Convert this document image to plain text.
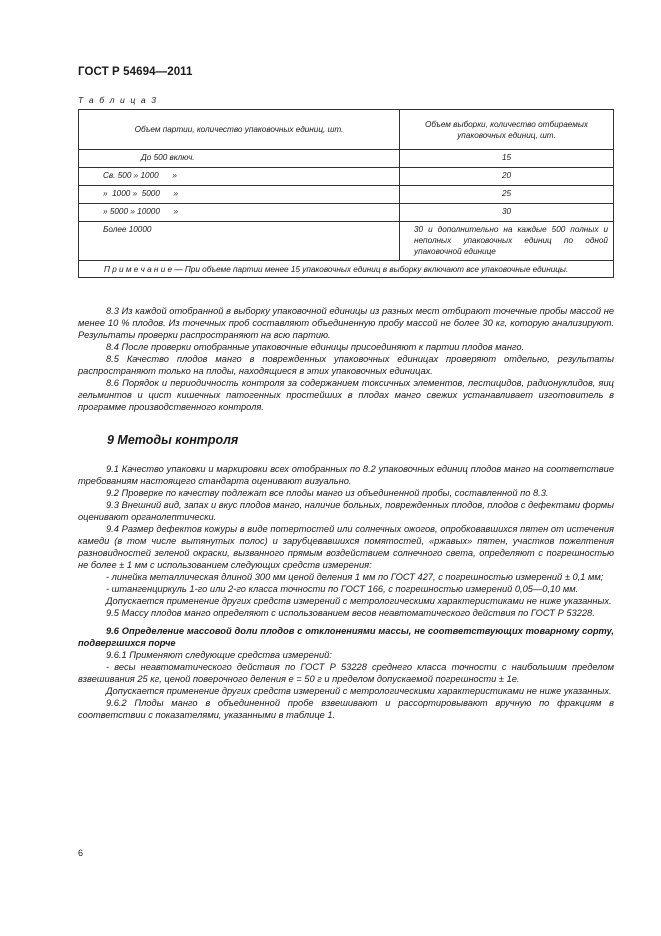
ГОСТ Р 54694—2011
Т а б л и ц а 3
Объем партии, количество упаковочных единиц, шт.	Объем выборки, количество отбираемых упаковочных единиц, шт.
До 500 включ.	15
Св. 500 » 1000      »	20
»  1000 »  5000      »	25
» 5000 » 10000      »	30
Более 10000	30 и дополнительно на каждые 500 полных и неполных упаковочных единиц по одной упаковочной единице
П р и м е ч а н и е — При объеме партии менее 15 упаковочных единиц в выборку включают все упаковочные единицы.	

8.3 Из каждой отобранной в выборку упаковочной единицы из разных мест отбирают точечные пробы массой не менее 10 % плодов. Из точечных проб составляют объединенную пробу массой не более 30 кг, которую анализируют. Результаты проверки распространяют на всю партию.

8.4 После проверки отобранные упаковочные единицы присоединяют к партии плодов манго.

8.5 Качество плодов манго в поврежденных упаковочных единицах проверяют отдельно, результаты распространяют только на плоды, находящиеся в этих упаковочных единицах.

8.6 Порядок и периодичность контроля за содержанием токсичных элементов, пестицидов, радионуклидов, яиц гельминтов и цист кишечных патогенных простейших в плодах манго свежих устанавливает изготовитель в программе производственного контроля.

9 Методы контроля

9.1 Качество упаковки и маркировки всех отобранных по 8.2 упаковочных единиц плодов манго на соответствие требованиям настоящего стандарта оценивают визуально.

9.2 Проверке по качеству подлежат все плоды манго из объединенной пробы, составленной по 8.3.

9.3 Внешний вид, запах и вкус плодов манго, наличие больных, поврежденных плодов, плодов с дефектами формы оценивают органолептически.

9.4 Размер дефектов кожуры в виде потертостей или солнечных ожогов, опробковавшихся пятен от истечения камеди (в том числе вытянутых полос) и зарубцевавшихся помятостей, «ржавых» пятен, участков пожелтения разновидностей зеленой окраски, вызванного прямым воздействием солнечного света, определяют с погрешностью не более ± 1 мм с использованием следующих средств измерения:

- линейка металлическая длиной 300 мм ценой деления 1 мм по ГОСТ 427, с погрешностью измерений ± 0,1 мм;

- штангенциркуль 1-го или 2-го класса точности по ГОСТ 166, с погрешностью измерений 0,05—0,10 мм.

Допускается применение других средств измерений с метрологическими характеристиками не ниже указанных.

9.5 Массу плодов манго определяют с использованием весов неавтоматического действия по ГОСТ Р 53228.

9.6 Определение массовой доли плодов с отклонениями массы, не соответствующих товарному сорту, подвергшихся порче

9.6.1 Применяют следующие средства измерений:

- весы неавтоматического действия по ГОСТ Р 53228 среднего класса точности с наибольшим пределом взвешивания 25 кг, ценой поверочного деления e = 50 г и пределом допускаемой погрешности ± 1e.

Допускается применение других средств измерений с метрологическими характеристиками не ниже указанных.

9.6.2 Плоды манго в объединенной пробе взвешивают и рассортировывают вручную по фракциям в соответствии с показателями, указанными в таблице 1.

6
